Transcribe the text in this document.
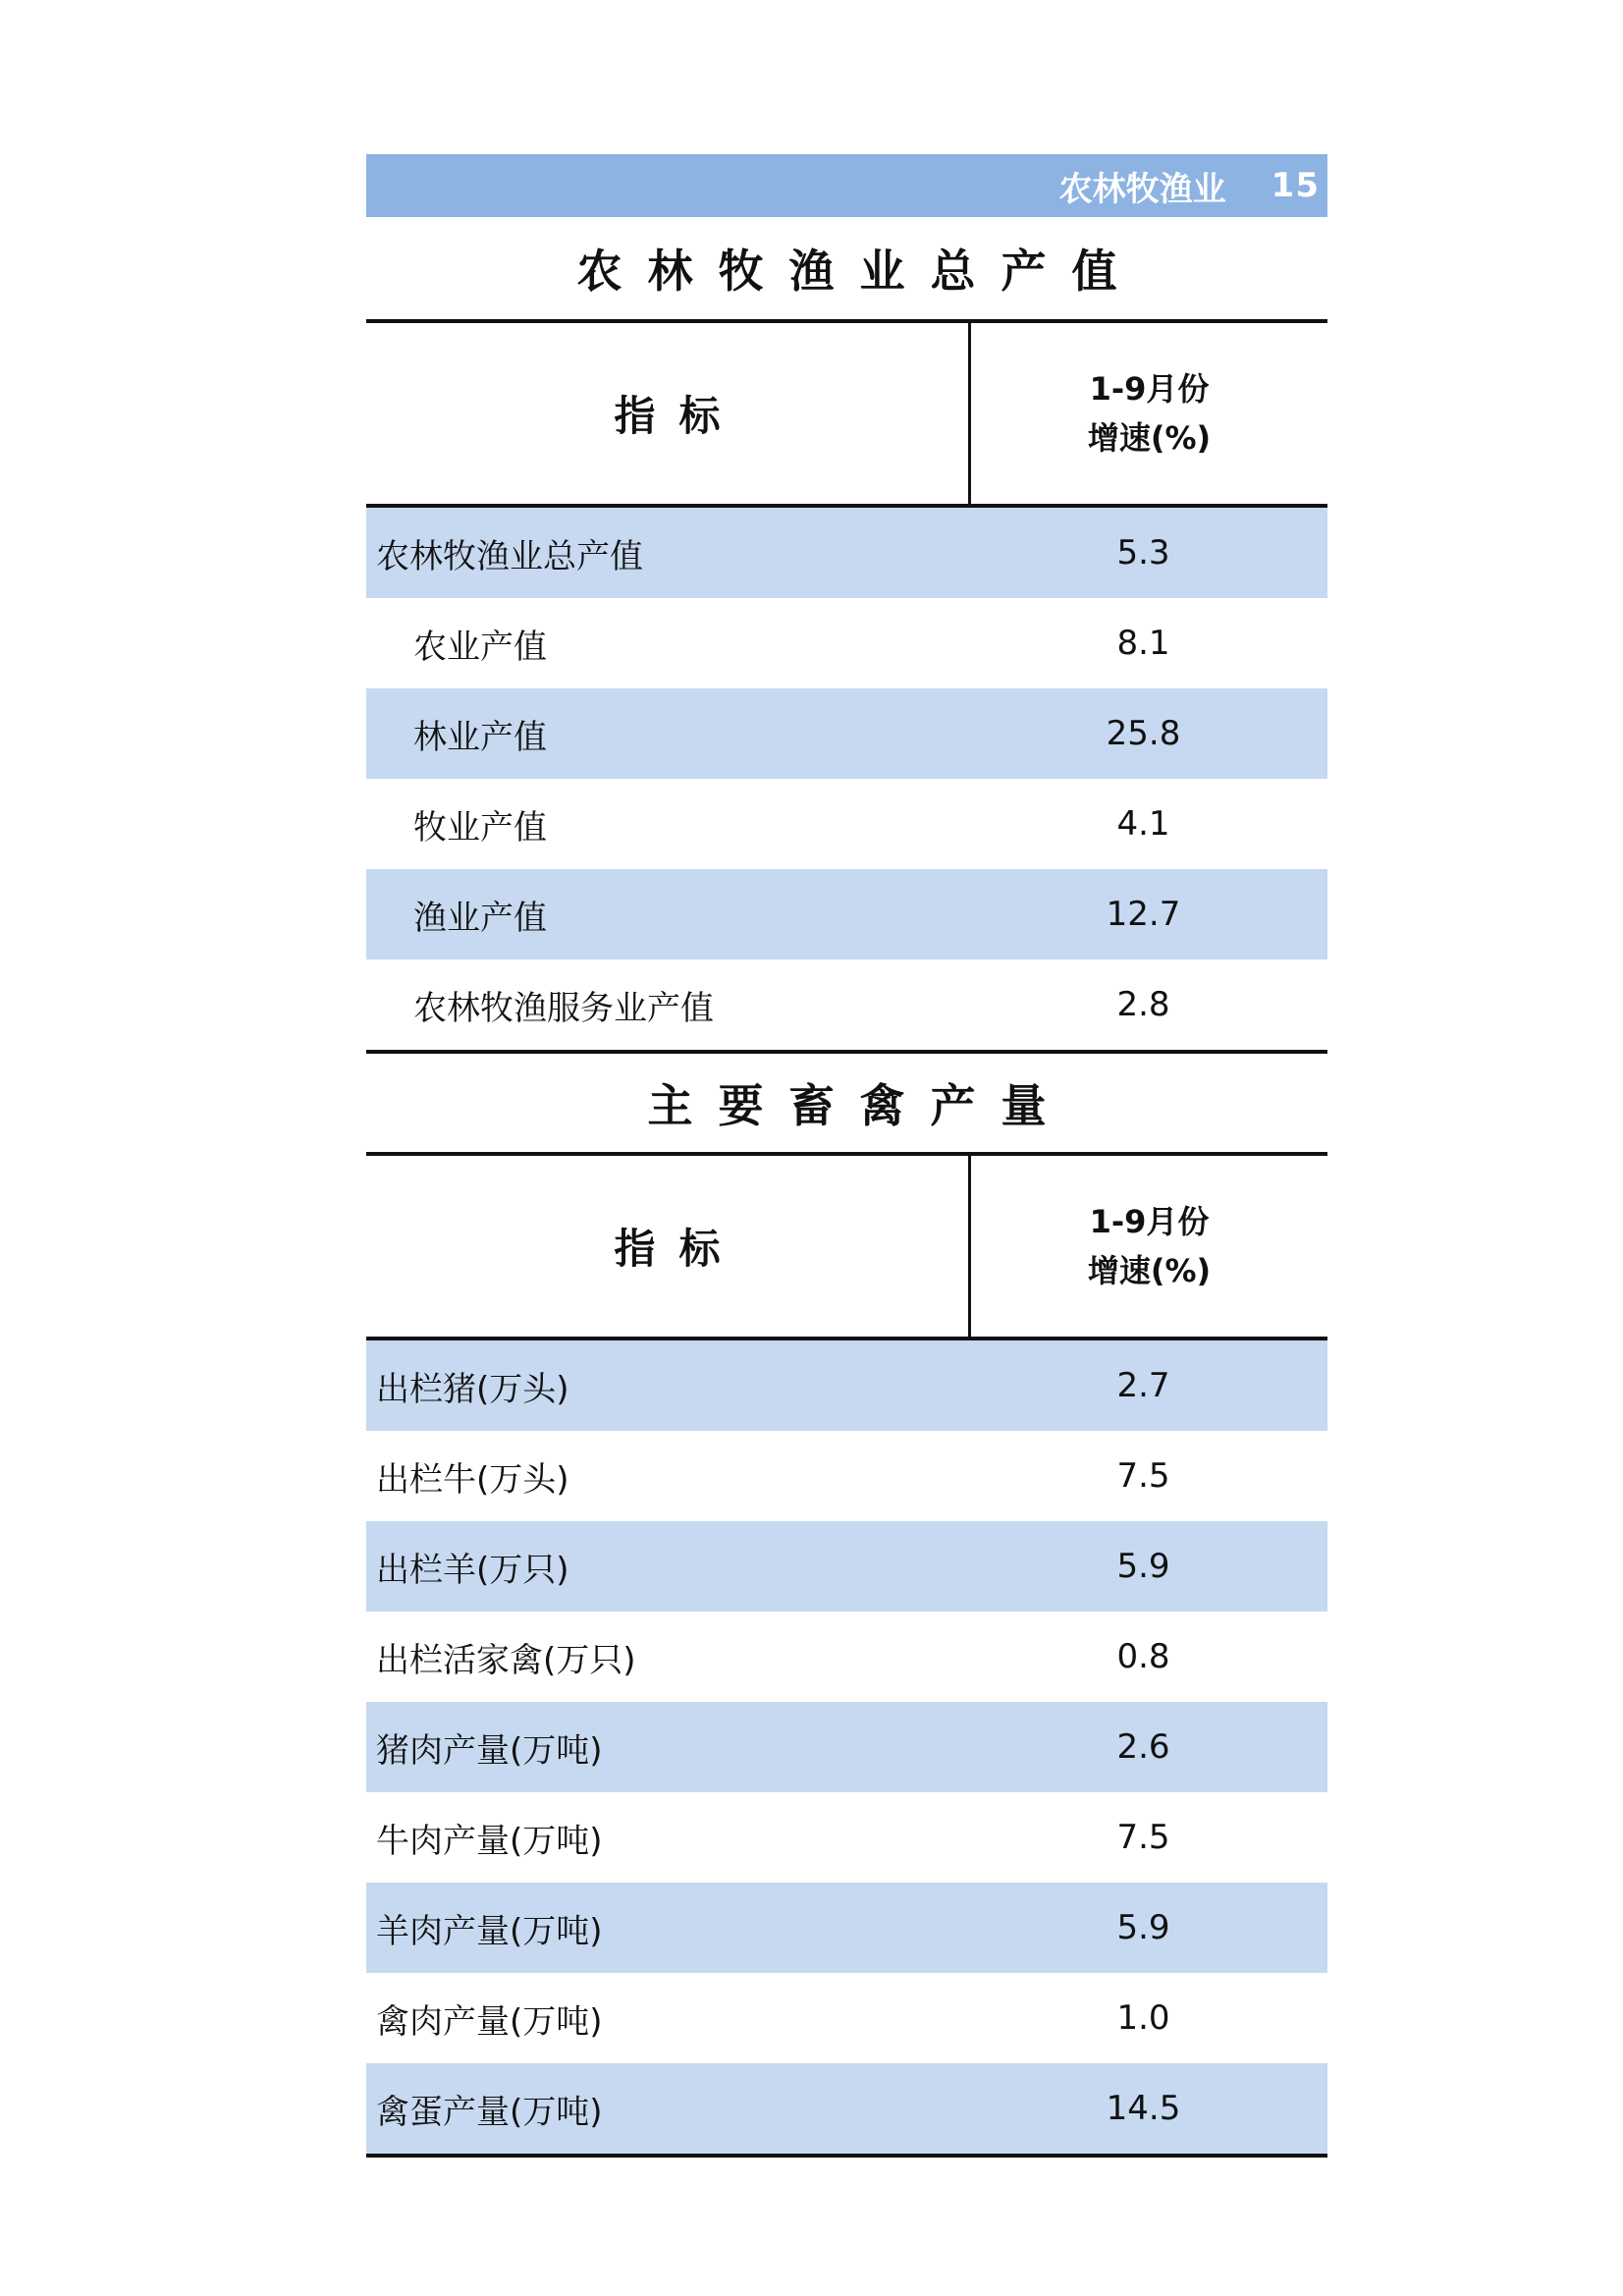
农林牧渔业 15
农林牧渔业总产值
指标
1-9月份
增速(%)
农林牧渔业总产值	5.3
农业产值	8.1
林业产值	25.8
牧业产值	4.1
渔业产值	12.7
农林牧渔服务业产值	2.8
主要畜禽产量
指标
1-9月份
增速(%)
出栏猪(万头)	2.7
出栏牛(万头)	7.5
出栏羊(万只)	5.9
出栏活家禽(万只)	0.8
猪肉产量(万吨)	2.6
牛肉产量(万吨)	7.5
羊肉产量(万吨)	5.9
禽肉产量(万吨)	1.0
禽蛋产量(万吨)	14.5
